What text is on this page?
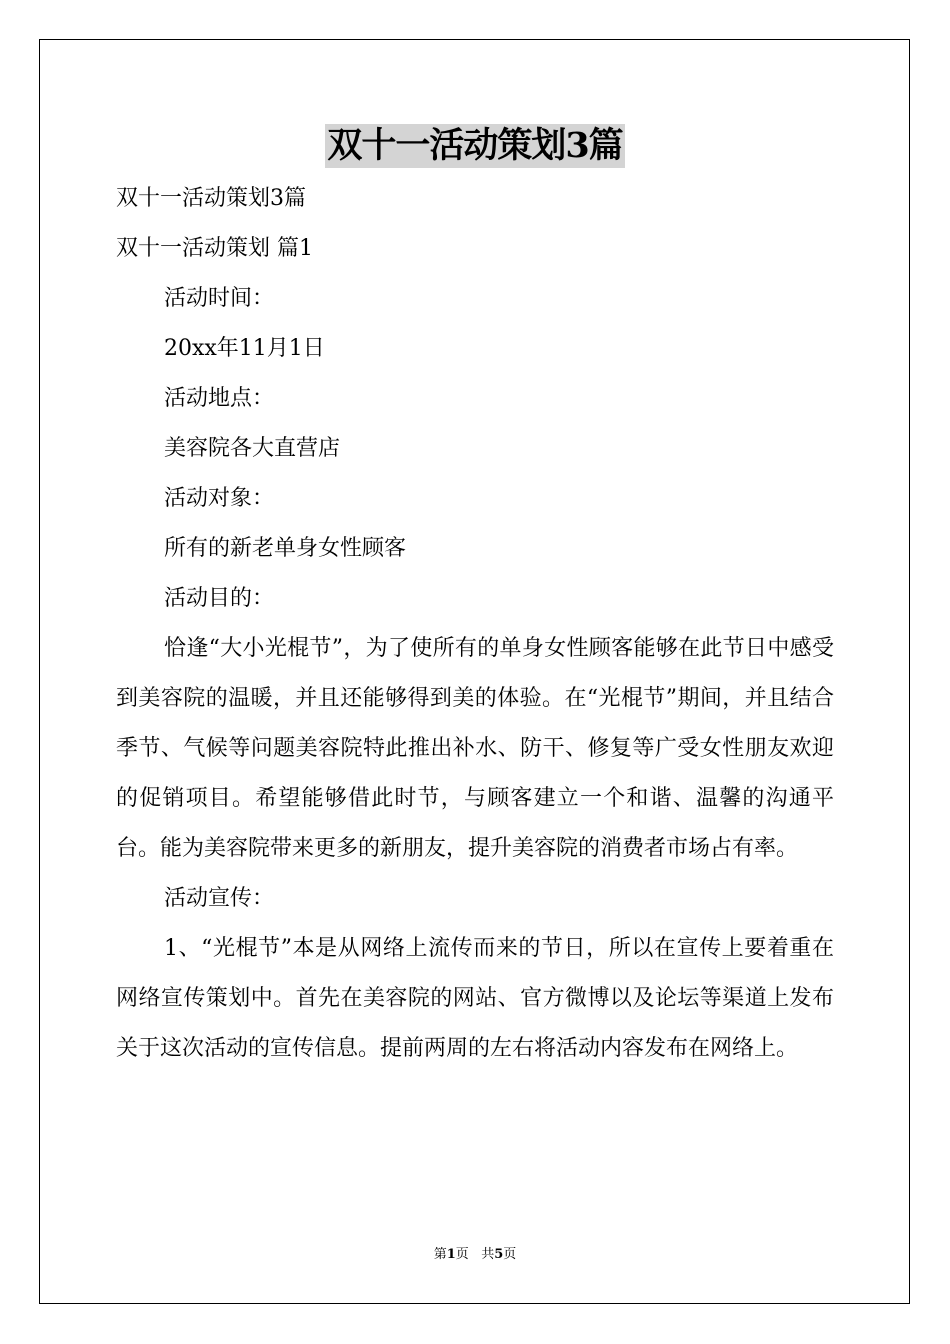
双十一活动策划3篇

双十一活动策划3篇

双十一活动策划 篇1

活动时间：

20xx年11月1日

活动地点：

美容院各大直营店

活动对象：

所有的新老单身女性顾客

活动目的：

恰逢“大小光棍节”，为了使所有的单身女性顾客能够在此节日中感受到美容院的温暖，并且还能够得到美的体验。在“光棍节”期间，并且结合季节、气候等问题美容院特此推出补水、防干、修复等广受女性朋友欢迎的促销项目。希望能够借此时节，与顾客建立一个和谐、温馨的沟通平台。能为美容院带来更多的新朋友，提升美容院的消费者市场占有率。

活动宣传：

1、“光棍节”本是从网络上流传而来的节日，所以在宣传上要着重在网络宣传策划中。首先在美容院的网站、官方微博以及论坛等渠道上发布关于这次活动的宣传信息。提前两周的左右将活动内容发布在网络上。

第1页 共5页
